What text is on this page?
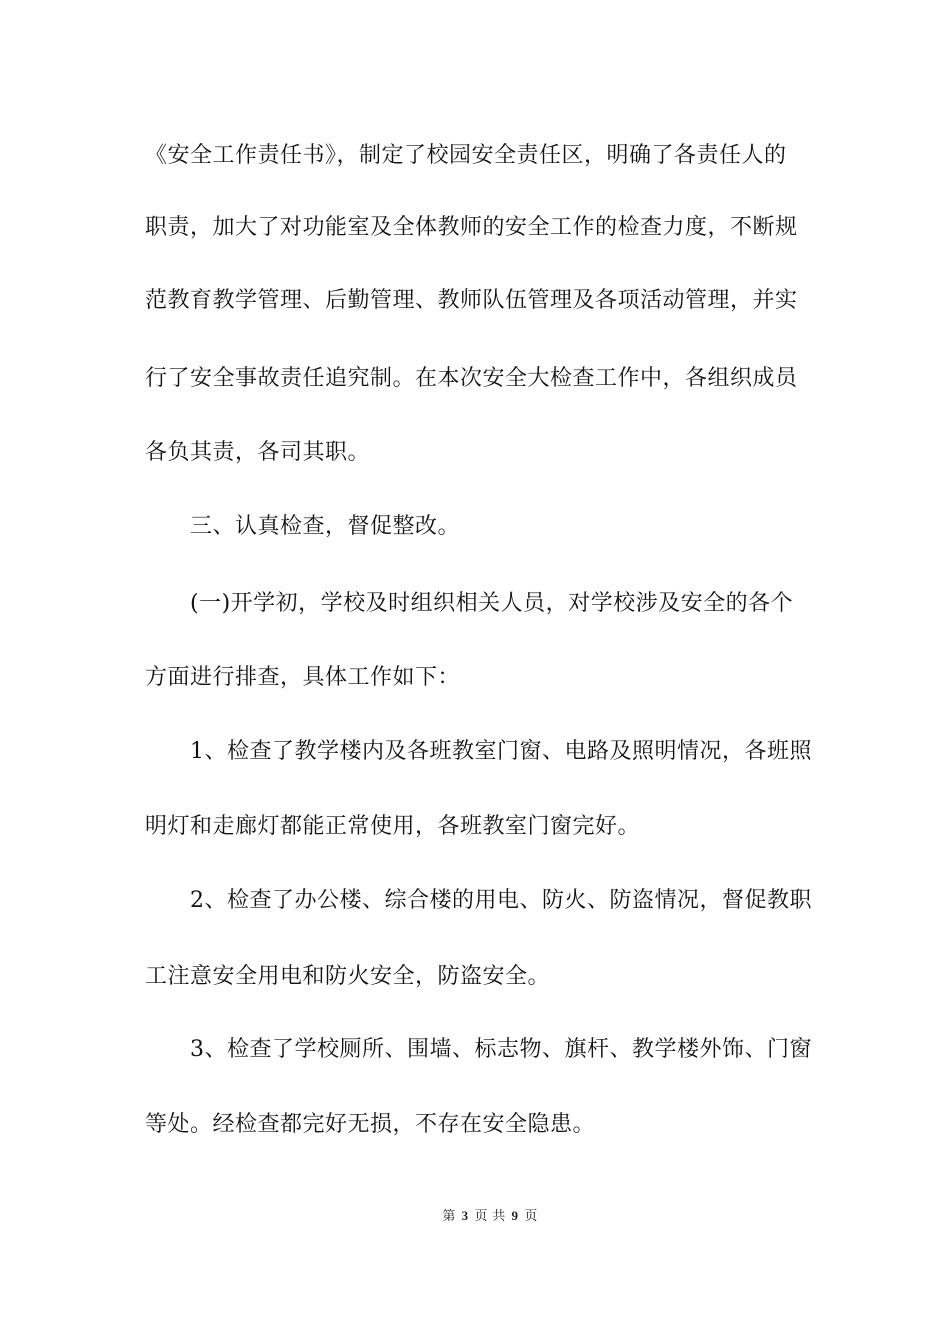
《安全工作责任书》，制定了校园安全责任区，明确了各责任人的
职责，加大了对功能室及全体教师的安全工作的检查力度，不断规
范教育教学管理、后勤管理、教师队伍管理及各项活动管理，并实
行了安全事故责任追究制。在本次安全大检查工作中，各组织成员
各负其责，各司其职。
三、认真检查，督促整改。
(一)开学初，学校及时组织相关人员，对学校涉及安全的各个
方面进行排查，具体工作如下：
1、检查了教学楼内及各班教室门窗、电路及照明情况，各班照
明灯和走廊灯都能正常使用，各班教室门窗完好。
2、检查了办公楼、综合楼的用电、防火、防盗情况，督促教职
工注意安全用电和防火安全，防盗安全。
3、检查了学校厕所、围墙、标志物、旗杆、教学楼外饰、门窗
等处。经检查都完好无损，不存在安全隐患。
第 3 页 共 9 页
